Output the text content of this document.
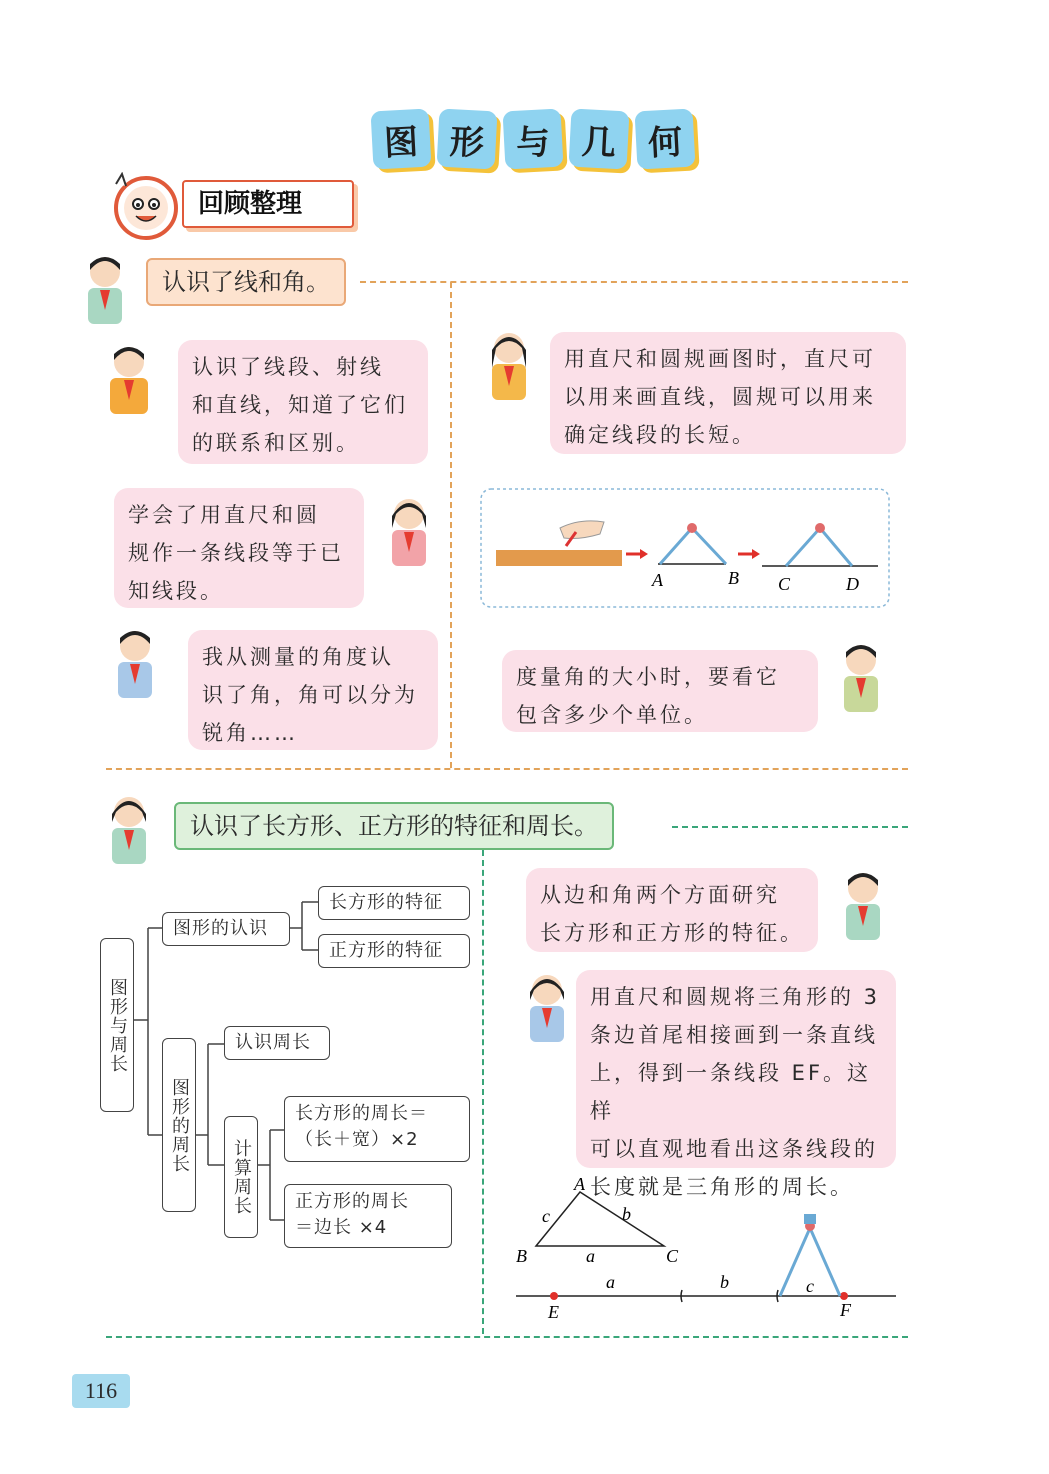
图 形 与 几 何
回顾整理
认识了线和角。
认识了线段、射线
和直线，知道了它们
的联系和区别。
学会了用直尺和圆
规作一条线段等于已
知线段。
我从测量的角度认
识了角，角可以分为
锐角……
用直尺和圆规画图时，直尺可
以用来画直线，圆规可以用来
确定线段的长短。
A	B C	D
度量角的大小时，要看它
包含多少个单位。
认识了长方形、正方形的特征和周长。
图形与周长
图形的认识
长方形的特征
正方形的特征
图形的周长
认识周长
计算周长
长方形的周长＝
（长＋宽）×2
正方形的周长
＝边长 ×4
从边和角两个方面研究
长方形和正方形的特征。
用直尺和圆规将三角形的 3
条边首尾相接画到一条直线
上，得到一条线段 EF。这样
可以直观地看出这条线段的
长度就是三角形的周长。
A
B	C
c	b
a
a	b	c
E	F
116
